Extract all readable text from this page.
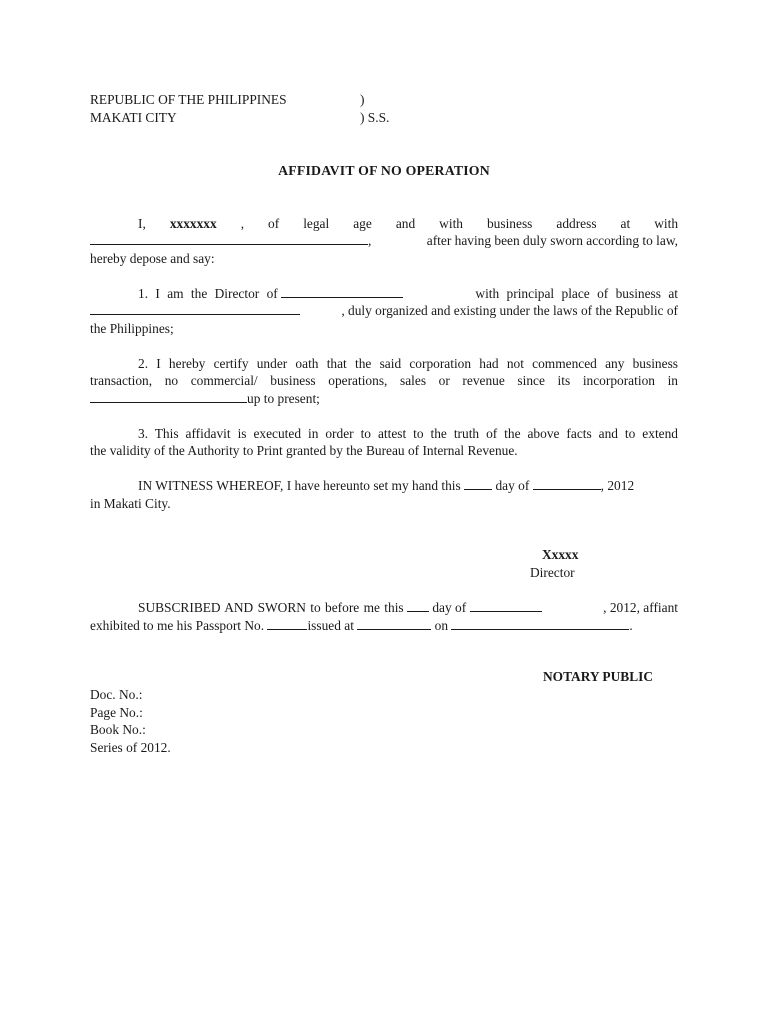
REPUBLIC OF THE PHILIPPINES
MAKATI CITY
)
) S.S.
AFFIDAVIT OF NO OPERATION
I, xxxxxxx , of legal age and with business address at with
,	after having been duly sworn according to law,
hereby depose and say:
1. I am the Director of	with principal place of business at
, duly organized and existing under the laws of the Republic of
the Philippines;
2. I hereby certify under oath that the said corporation had not commenced any business
transaction, no commercial/ business operations, sales or revenue since its incorporation in
up to present;
3. This affidavit is executed in order to attest to the truth of the above facts and to extend
the validity of the Authority to Print granted by the Bureau of Internal Revenue.
IN WITNESS WHEREOF, I have hereunto set my hand this	day of	, 2012
in Makati City.
Xxxxx
Director
SUBSCRIBED AND SWORN to before me this day of	, 2012, affiant
exhibited to me his Passport No.	issued at	on	.
NOTARY PUBLIC
Doc. No.:
Page No.:
Book No.:
Series of 2012.
